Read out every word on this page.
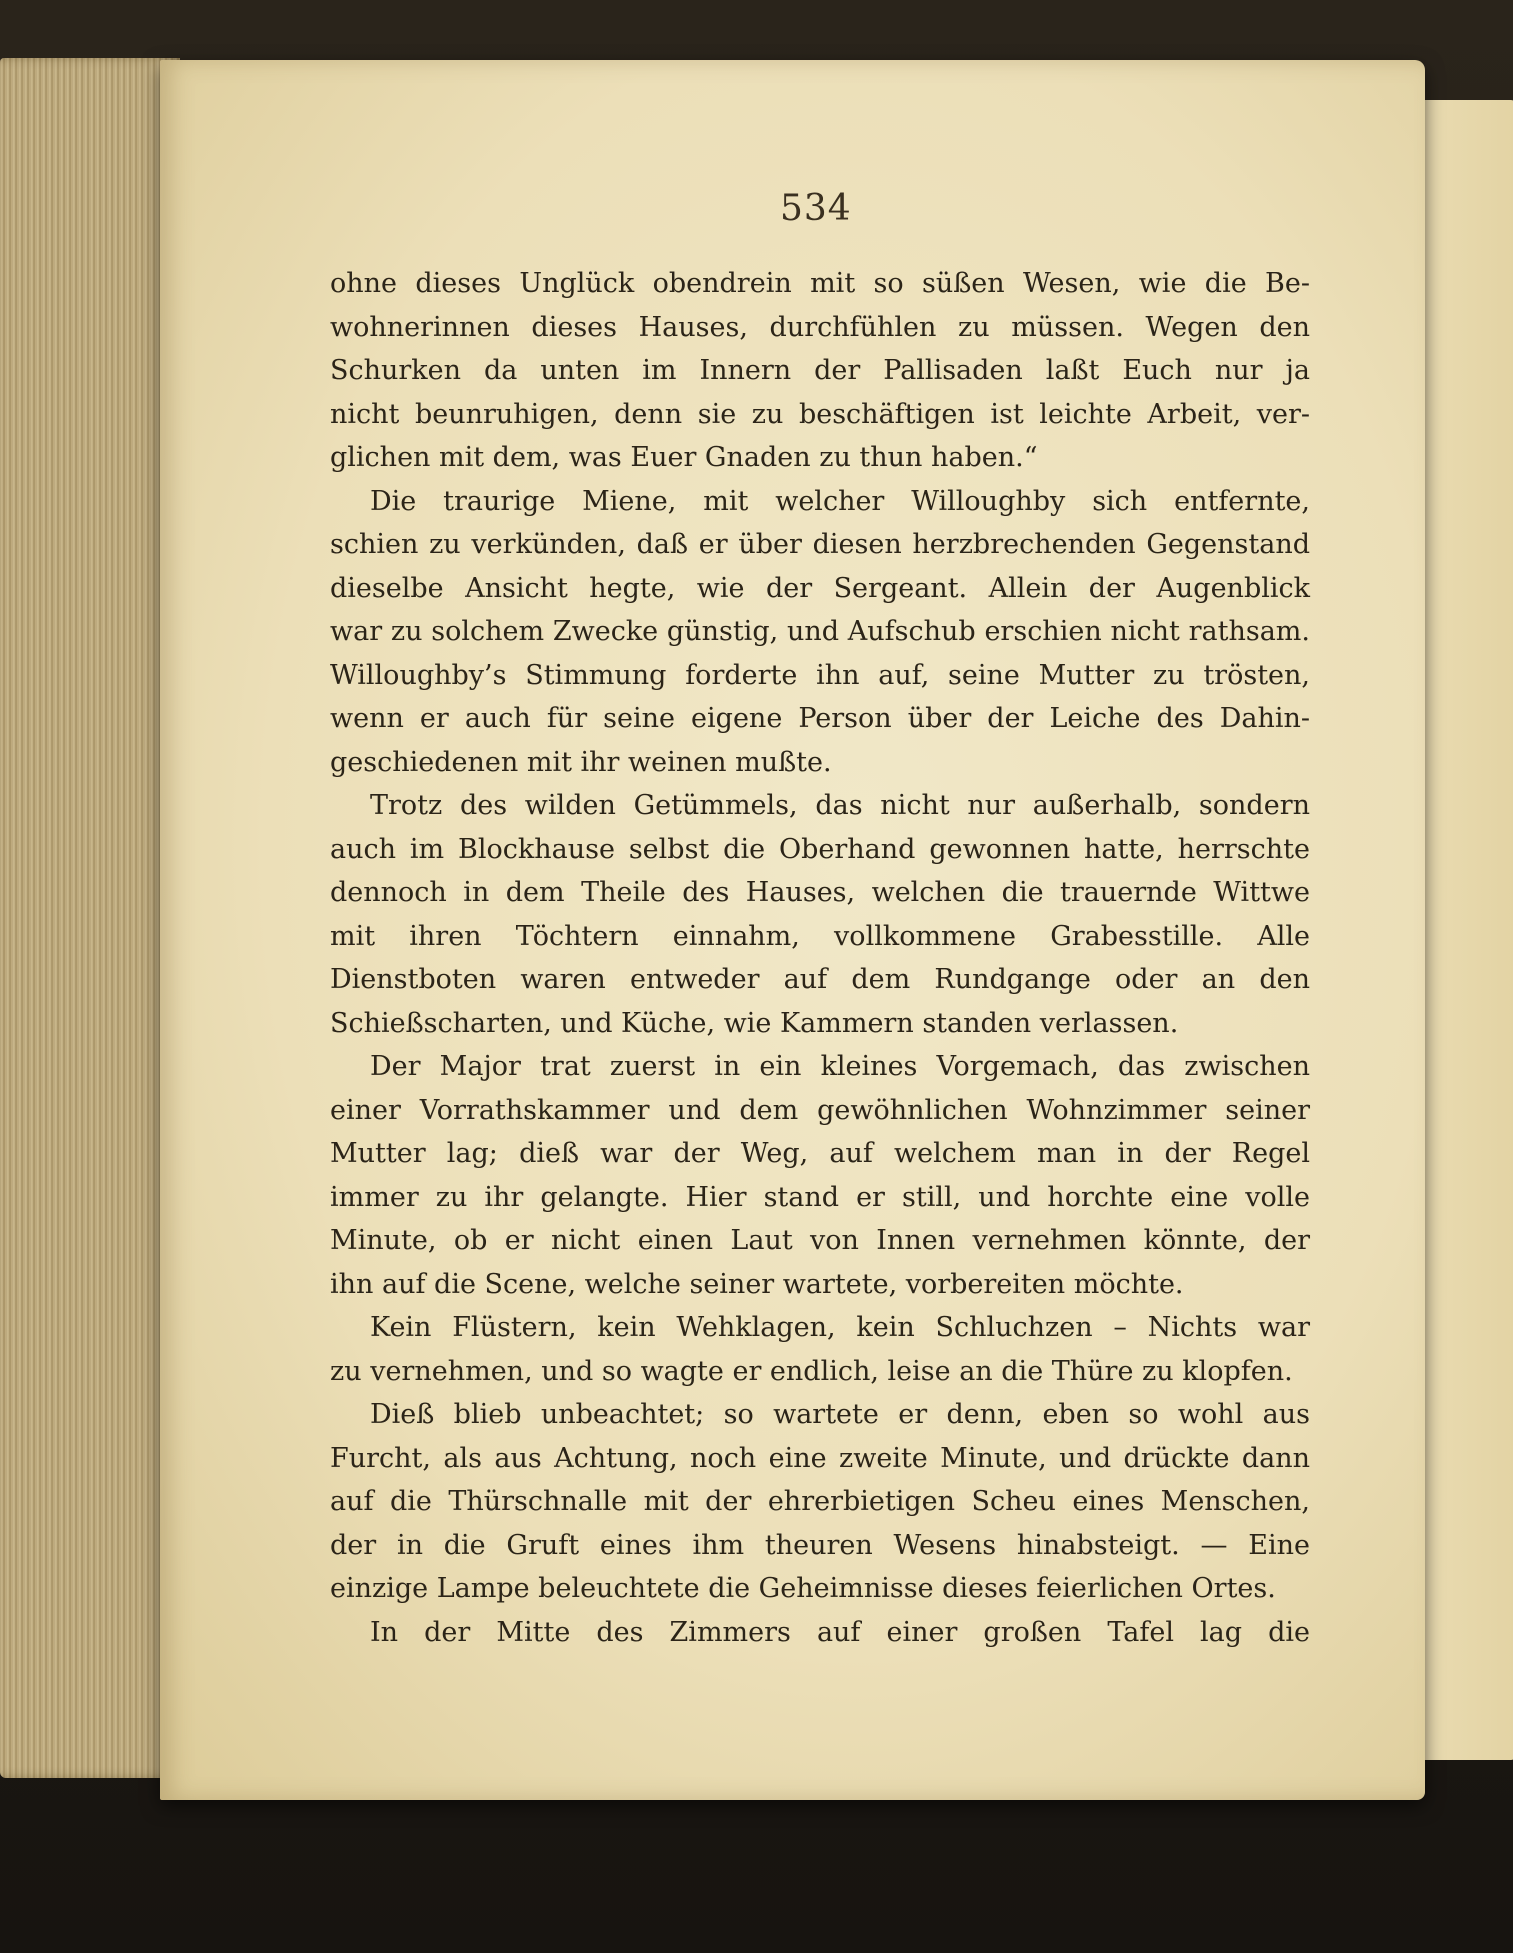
534
ohne dieses Unglück obendrein mit so süßen Wesen, wie die Be-
wohnerinnen dieses Hauses, durchfühlen zu müssen. Wegen den
Schurken da unten im Innern der Pallisaden laßt Euch nur ja
nicht beunruhigen, denn sie zu beschäftigen ist leichte Arbeit, ver-
glichen mit dem, was Euer Gnaden zu thun haben.“
Die traurige Miene, mit welcher Willoughby sich entfernte,
schien zu verkünden, daß er über diesen herzbrechenden Gegenstand
dieselbe Ansicht hegte, wie der Sergeant. Allein der Augenblick
war zu solchem Zwecke günstig, und Aufschub erschien nicht rathsam.
Willoughby’s Stimmung forderte ihn auf, seine Mutter zu trösten,
wenn er auch für seine eigene Person über der Leiche des Dahin-
geschiedenen mit ihr weinen mußte.
Trotz des wilden Getümmels, das nicht nur außerhalb, sondern
auch im Blockhause selbst die Oberhand gewonnen hatte, herrschte
dennoch in dem Theile des Hauses, welchen die trauernde Wittwe
mit ihren Töchtern einnahm, vollkommene Grabesstille. Alle
Dienstboten waren entweder auf dem Rundgange oder an den
Schießscharten, und Küche, wie Kammern standen verlassen.
Der Major trat zuerst in ein kleines Vorgemach, das zwischen
einer Vorrathskammer und dem gewöhnlichen Wohnzimmer seiner
Mutter lag; dieß war der Weg, auf welchem man in der Regel
immer zu ihr gelangte. Hier stand er still, und horchte eine volle
Minute, ob er nicht einen Laut von Innen vernehmen könnte, der
ihn auf die Scene, welche seiner wartete, vorbereiten möchte.
Kein Flüstern, kein Wehklagen, kein Schluchzen – Nichts war
zu vernehmen, und so wagte er endlich, leise an die Thüre zu klopfen.
Dieß blieb unbeachtet; so wartete er denn, eben so wohl aus
Furcht, als aus Achtung, noch eine zweite Minute, und drückte dann
auf die Thürschnalle mit der ehrerbietigen Scheu eines Menschen,
der in die Gruft eines ihm theuren Wesens hinabsteigt. — Eine
einzige Lampe beleuchtete die Geheimnisse dieses feierlichen Ortes.
In der Mitte des Zimmers auf einer großen Tafel lag die
